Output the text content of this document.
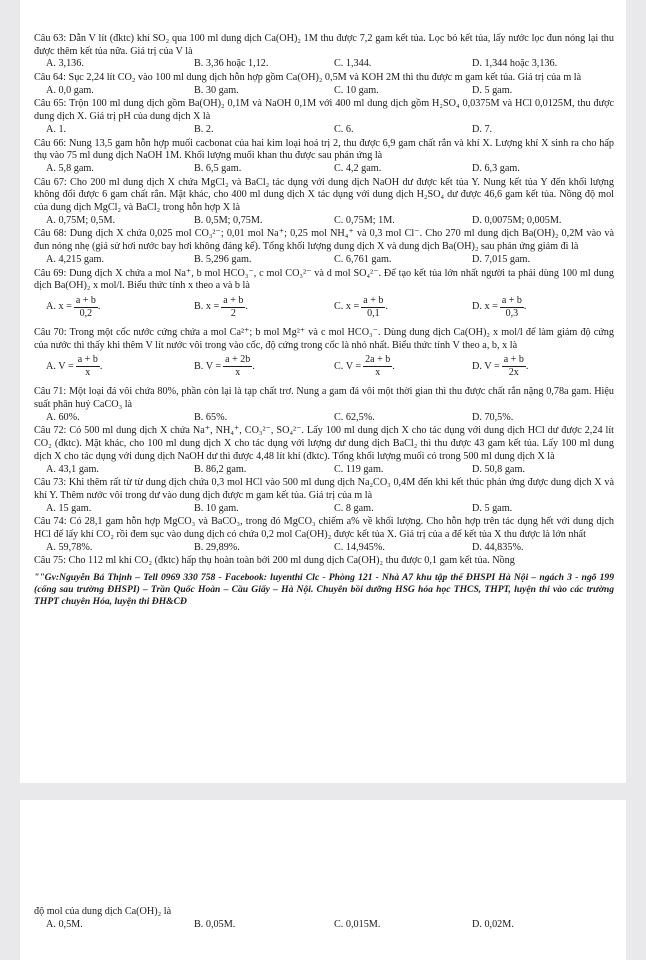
Câu 63: Dẫn V lít (đktc) khí SO₂ qua 100 ml dung dịch Ca(OH)₂ 1M thu được 7,2 gam kết tủa. Lọc bỏ kết tủa, lấy nước lọc đun nóng lại thu được thêm kết tủa nữa. Giá trị của V là

A. 3,136.	B. 3,36 hoặc 1,12.	C. 1,344.	D. 1,344 hoặc 3,136.

Câu 64: Sục 2,24 lít CO₂ vào 100 ml dung dịch hỗn hợp gồm Ca(OH)₂ 0,5M và KOH 2M thì thu được m gam kết tủa. Giá trị của m là

A. 0,0 gam.	B. 30 gam.	C. 10 gam.	D. 5 gam.

Câu 65: Trộn 100 ml dung dịch gồm Ba(OH)₂ 0,1M và NaOH 0,1M với 400 ml dung dịch gồm H₂SO₄ 0,0375M và HCl 0,0125M, thu được dung dịch X. Giá trị pH của dung dịch X là

A. 1.	B. 2.	C. 6.	D. 7.

Câu 66: Nung 13,5 gam hỗn hợp muối cacbonat của hai kim loại hoá trị 2, thu được 6,9 gam chất rắn và khí X. Lượng khí X sinh ra cho hấp thụ vào 75 ml dung dịch NaOH 1M. Khối lượng muối khan thu được sau phản ứng là

A. 5,8 gam.	B. 6,5 gam.	C. 4,2 gam.	D. 6,3 gam.

Câu 67: Cho 200 ml dung dịch X chứa MgCl₂ và BaCl₂ tác dụng với dung dịch NaOH dư được kết tủa Y. Nung kết tủa Y đến khối lượng không đổi được 6 gam chất rắn. Mặt khác, cho 400 ml dung dịch X tác dụng với dung dịch H₂SO₄ dư được 46,6 gam kết tủa. Nồng độ mol của dung dịch MgCl₂ và BaCl₂ trong hỗn hợp X là

A. 0,75M; 0,5M.	B. 0,5M; 0,75M.	C. 0,75M; 1M.	D. 0,0075M; 0,005M.

Câu 68: Dung dịch X chứa 0,025 mol CO₃²⁻; 0,01 mol Na⁺; 0,25 mol NH₄⁺ và 0,3 mol Cl⁻. Cho 270 ml dung dịch Ba(OH)₂ 0,2M vào và đun nóng nhẹ (giả sử hơi nước bay hơi không đáng kể). Tổng khối lượng dung dịch X và dung dịch Ba(OH)₂ sau phản ứng giảm đi là

A. 4,215 gam.	B. 5,296 gam.	C. 6,761 gam.	D. 7,015 gam.

Câu 69: Dung dịch X chứa a mol Na⁺, b mol HCO₃⁻, c mol CO₃²⁻ và d mol SO₄²⁻. Để tạo kết tủa lớn nhất người ta phải dùng 100 ml dung dịch Ba(OH)₂ x mol/l. Biểu thức tính x theo a và b là

A. $x = \frac{a + b}{0,2}$ .	B. $x = \frac{a + b}{2}$ .	C. $x = \frac{a + b}{0,1}$ .	D. $x = \frac{a + b}{0,3}$ .

Câu 70: Trong một cốc nước cứng chứa a mol Ca²⁺; b mol Mg²⁺ và c mol HCO₃⁻. Dùng dung dịch Ca(OH)₂ x mol/l để làm giảm độ cứng của nước thì thấy khi thêm V lít nước vôi trong vào cốc, độ cứng trong cốc là nhỏ nhất. Biểu thức tính V theo a, b, x là

A. $V = \frac{a + b}{x}$ .	B. $V = \frac{a + 2b}{x}$ .	C. $V = \frac{2a + b}{x}$ .	D. $V = \frac{a + b}{2x}$ .

Câu 71: Một loại đá vôi chứa 80%, phần còn lại là tạp chất trơ. Nung a gam đá vôi một thời gian thì thu được chất rắn nặng 0,78a gam. Hiệu suất phân huỷ CaCO₃ là

A. 60%.	B. 65%.	C. 62,5%.	D. 70,5%.

Câu 72: Có 500 ml dung dịch X chứa Na⁺, NH₄⁺, CO₃²⁻, SO₄²⁻. Lấy 100 ml dung dịch X cho tác dụng với dung dịch HCl dư được 2,24 lít CO₂ (đktc). Mặt khác, cho 100 ml dung dịch X cho tác dụng với lượng dư dung dịch BaCl₂ thì thu được 43 gam kết tủa. Lấy 100 ml dung dịch X cho tác dụng với dung dịch NaOH dư thì được 4,48 lít khí (đktc). Tổng khối lượng muối có trong 500 ml dung dịch X là

A. 43,1 gam.	B. 86,2 gam.	C. 119 gam.	D. 50,8 gam.

Câu 73: Khi thêm rất từ từ dung dịch chứa 0,3 mol HCl vào 500 ml dung dịch Na₂CO₃ 0,4M đến khi kết thúc phản ứng được dung dịch X và khí Y. Thêm nước vôi trong dư vào dung dịch được m gam kết tủa. Giá trị của m là

A. 15 gam.	B. 10 gam.	C. 8 gam.	D. 5 gam.

Câu 74: Có 28,1 gam hỗn hợp MgCO₃ và BaCO₃, trong đó MgCO₃ chiếm a% về khối lượng. Cho hỗn hợp trên tác dụng hết với dung dịch HCl để lấy khí CO₂ rồi đem sục vào dung dịch có chứa 0,2 mol Ca(OH)₂ được kết tủa X. Giá trị của a để kết tủa X thu được là lớn nhất

A. 59,78%.	B. 29,89%.	C. 14,945%.	D. 44,835%.

Câu 75: Cho 112 ml khí CO₂ (đktc) hấp thụ hoàn toàn bởi 200 ml dung dịch Ca(OH)₂ thu được 0,1 gam kết tủa. Nồng

""Gv:Nguyễn Bá Thịnh – Tell 0969 330 758 - Facebook: luyenthi Clc - Phòng 121 - Nhà A7 khu tập thể ĐHSPI Hà Nội – ngách 3 - ngõ 199 (cổng sau trường ĐHSPI) – Trần Quốc Hoàn – Cầu Giấy – Hà Nội. Chuyên bồi dưỡng HSG hóa học THCS, THPT, luyện thi vào các trường THPT chuyên Hóa, luyện thi ĐH&CĐ

độ mol của dung dịch Ca(OH)₂ là

A. 0,5M.	B. 0,05M.	C. 0,015M.	D. 0,02M.
